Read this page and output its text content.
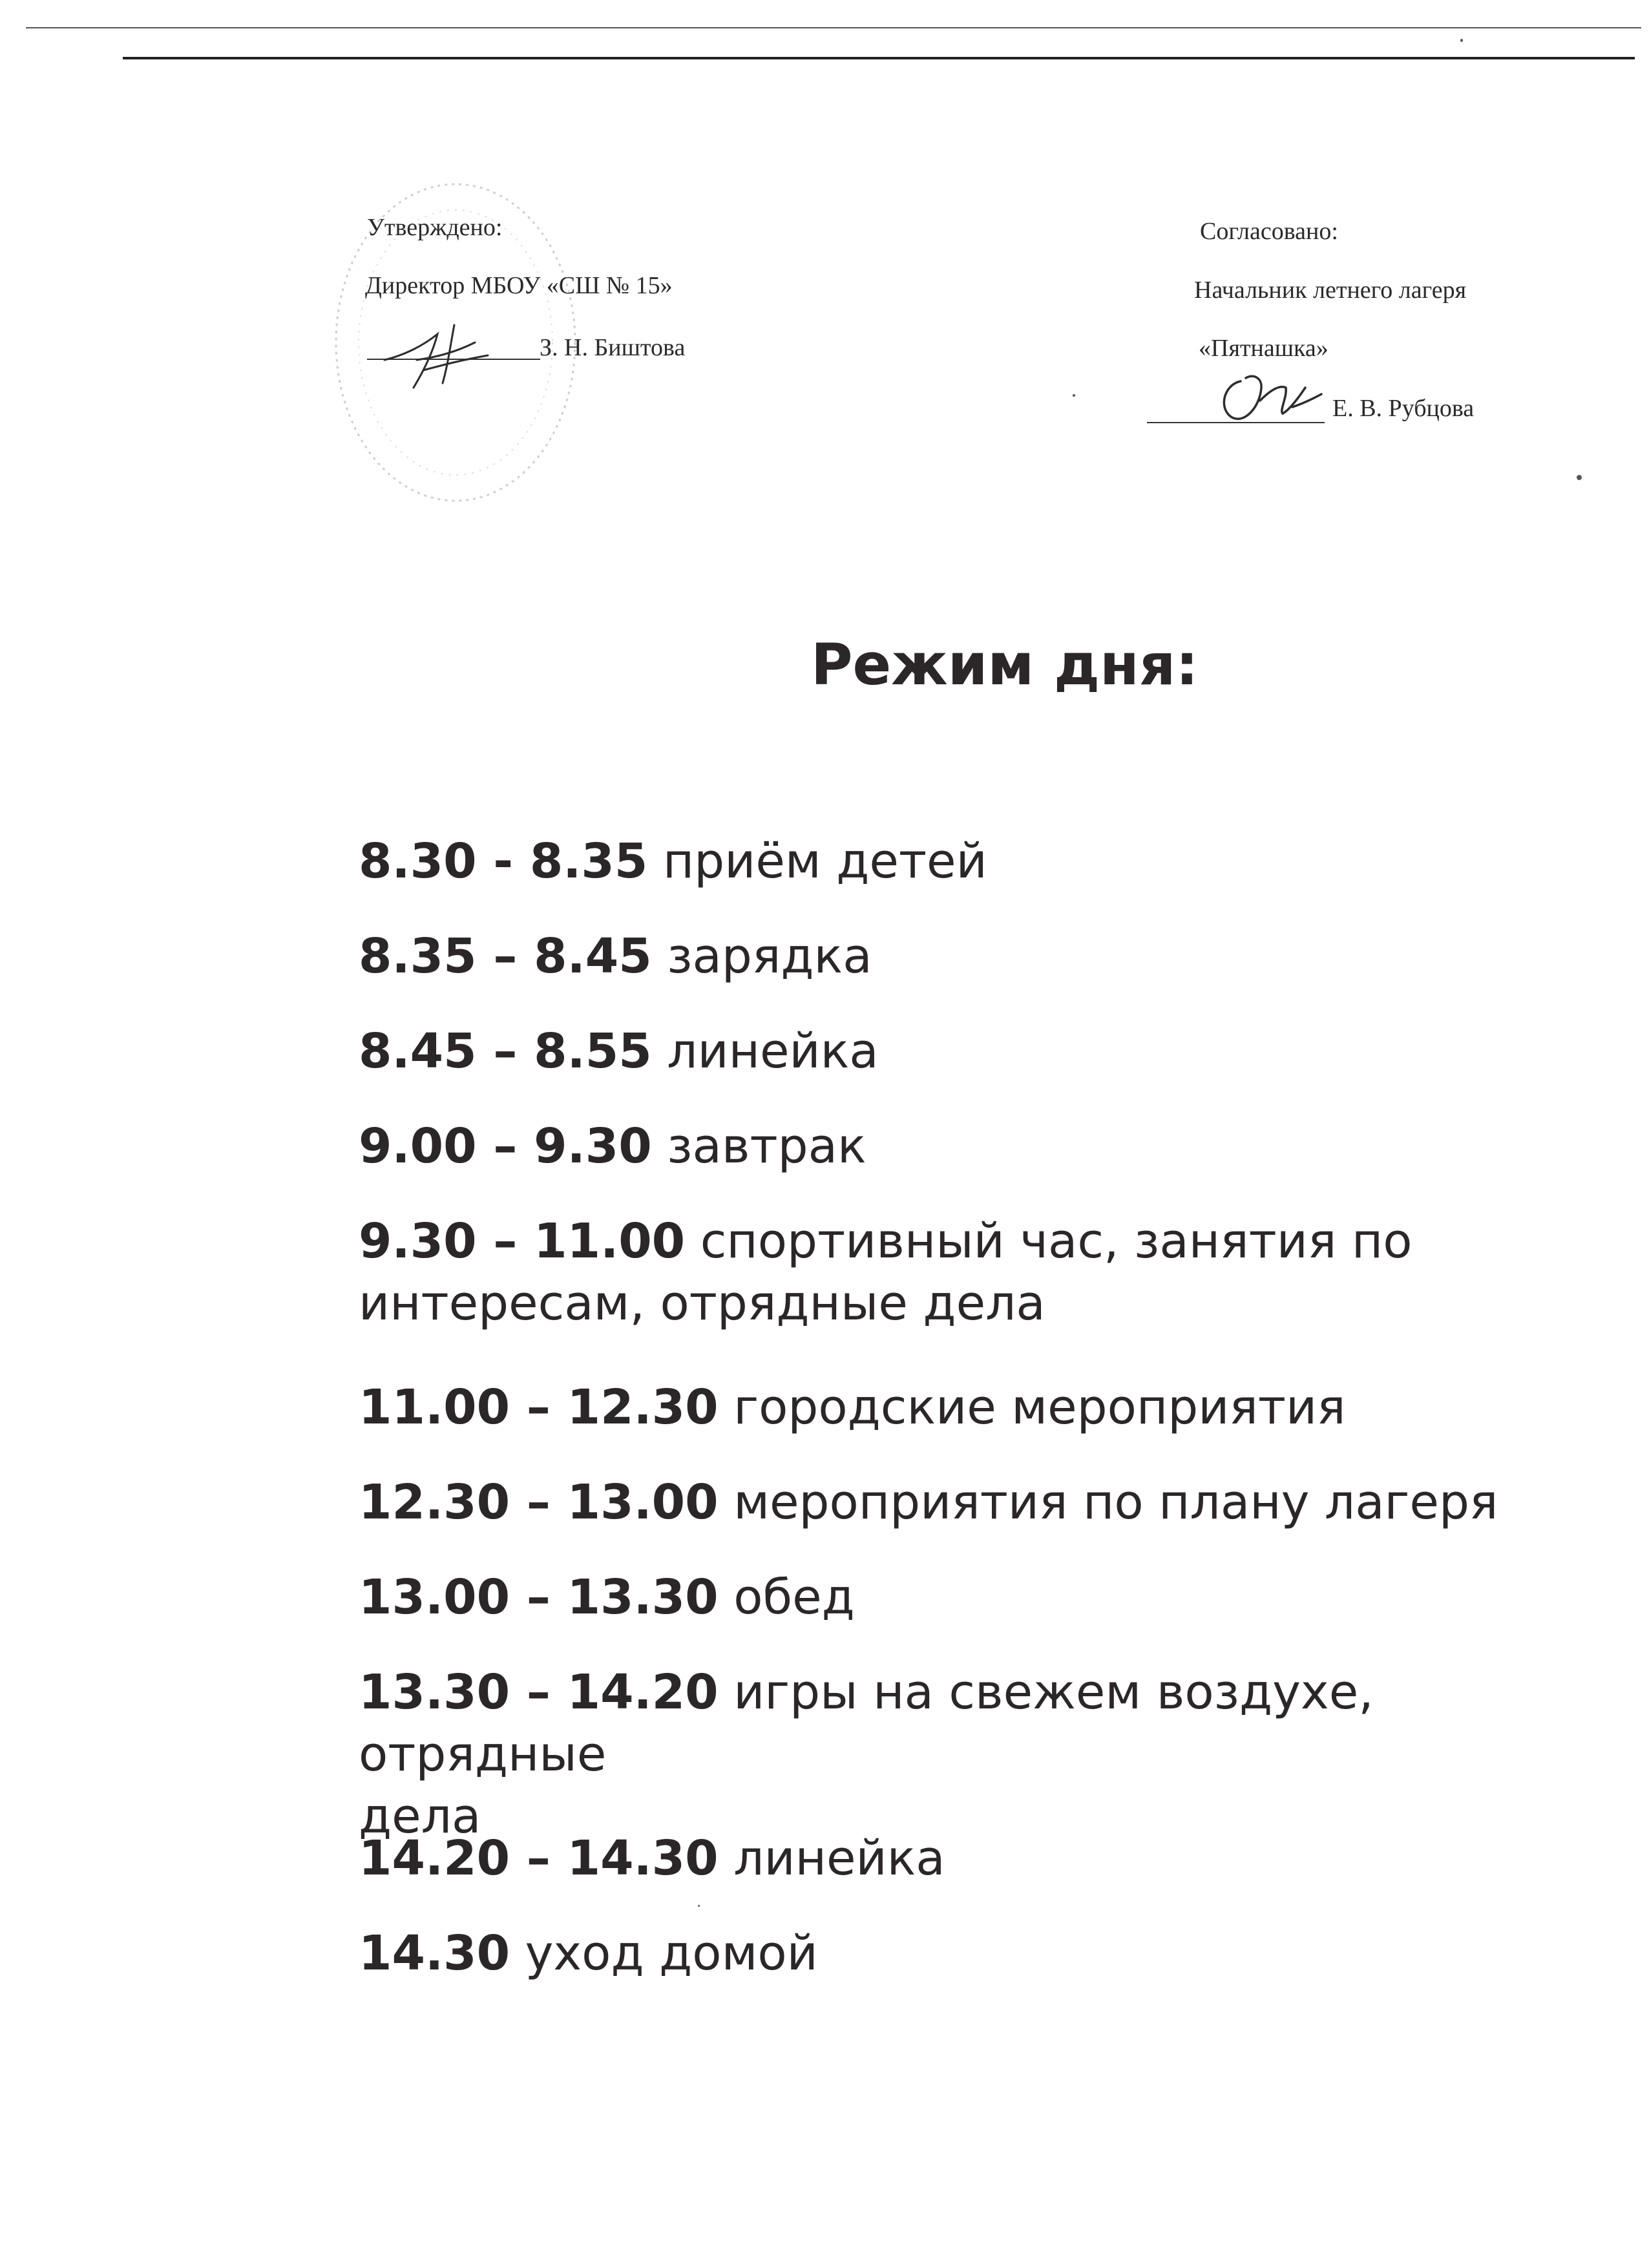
Утверждено:
Директор МБОУ «СШ № 15»
З. Н. Биштова
Согласовано:
Начальник летнего лагеря
«Пятнашка»
Е. В. Рубцова
Режим дня:
8.30 - 8.35 приём детей
8.35 – 8.45 зарядка
8.45 – 8.55 линейка
9.00 – 9.30 завтрак
9.30 – 11.00 спортивный час, занятия по
интересам, отрядные дела
11.00 – 12.30 городские мероприятия
12.30 – 13.00 мероприятия по плану лагеря
13.00 – 13.30 обед
13.30 – 14.20 игры на свежем воздухе, отрядные
дела
14.20 – 14.30 линейка
14.30 уход домой
